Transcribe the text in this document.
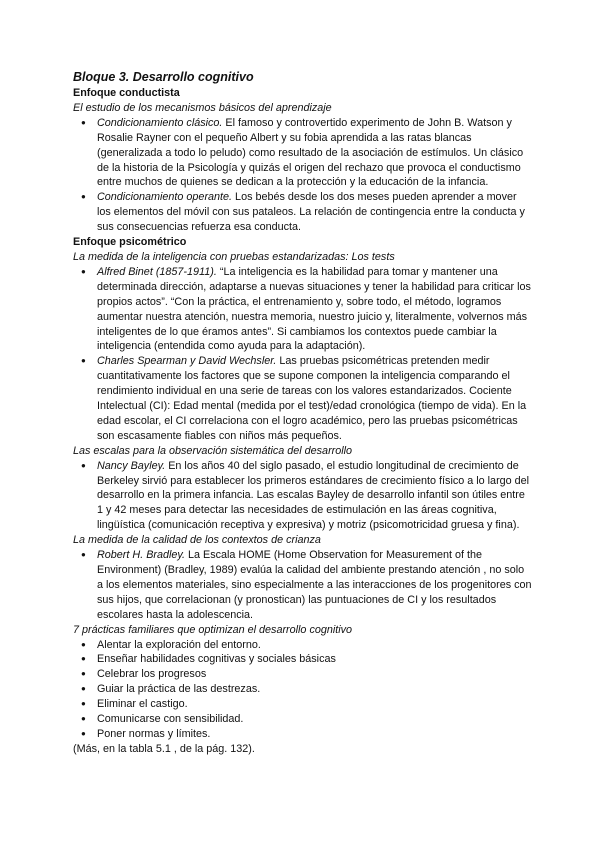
Bloque 3. Desarrollo cognitivo

Enfoque conductista

El estudio de los mecanismos básicos del aprendizaje

● Condicionamiento clásico. El famoso y controvertido experimento de John B. Watson y Rosalie Rayner con el pequeño Albert y su fobia aprendida a las ratas blancas (generalizada a todo lo peludo) como resultado de la asociación de estímulos. Un clásico de la historia de la Psicología y quizás el origen del rechazo que provoca el conductismo entre muchos de quienes se dedican a la protección y la educación de la infancia.
● Condicionamiento operante. Los bebés desde los dos meses pueden aprender a mover los elementos del móvil con sus pataleos. La relación de contingencia entre la conducta y sus consecuencias refuerza esa conducta.

Enfoque psicométrico

La medida de la inteligencia con pruebas estandarizadas: Los tests

● Alfred Binet (1857-1911). “La inteligencia es la habilidad para tomar y mantener una determinada dirección, adaptarse a nuevas situaciones y tener la habilidad para criticar los propios actos”. “Con la práctica, el entrenamiento y, sobre todo, el método, logramos aumentar nuestra atención, nuestra memoria, nuestro juicio y, literalmente, volvernos más inteligentes de lo que éramos antes”. Si cambiamos los contextos puede cambiar la inteligencia (entendida como ayuda para la adaptación).
● Charles Spearman y David Wechsler. Las pruebas psicométricas pretenden medir cuantitativamente los factores que se supone componen la inteligencia comparando el rendimiento individual en una serie de tareas con los valores estandarizados. Cociente Intelectual (CI): Edad mental (medida por el test)/edad cronológica (tiempo de vida). En la edad escolar, el CI correlaciona con el logro académico, pero las pruebas psicométricas son escasamente fiables con niños más pequeños.

Las escalas para la observación sistemática del desarrollo

● Nancy Bayley. En los años 40 del siglo pasado, el estudio longitudinal de crecimiento de Berkeley sirvió para establecer los primeros estándares de crecimiento físico a lo largo del desarrollo en la primera infancia. Las escalas Bayley de desarrollo infantil son útiles entre 1 y 42 meses para detectar las necesidades de estimulación en las áreas cognitiva, lingüística (comunicación receptiva y expresiva) y motriz (psicomotricidad gruesa y fina).

La medida de la calidad de los contextos de crianza

● Robert H. Bradley. La Escala HOME (Home Observation for Measurement of the Environment) (Bradley, 1989) evalúa la calidad del ambiente prestando atención , no solo a los elementos materiales, sino especialmente a las interacciones de los progenitores con sus hijos, que correlacionan (y pronostican) las puntuaciones de CI y los resultados escolares hasta la adolescencia.

7 prácticas familiares que optimizan el desarrollo cognitivo

● Alentar la exploración del entorno.
● Enseñar habilidades cognitivas y sociales básicas
● Celebrar los progresos
● Guiar la práctica de las destrezas.
● Eliminar el castigo.
● Comunicarse con sensibilidad.
● Poner normas y límites.

(Más, en la tabla 5.1 , de la pág. 132).
